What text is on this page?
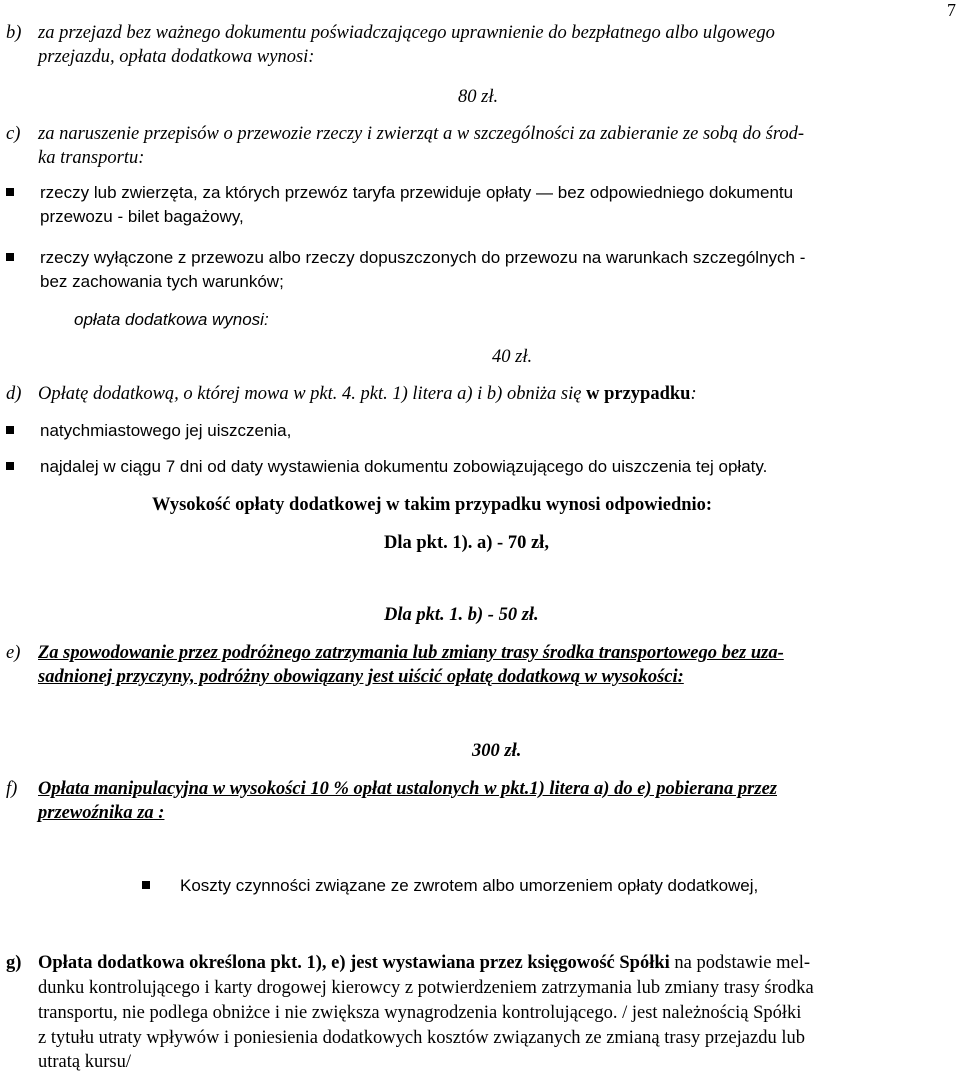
7
b) za przejazd bez ważnego dokumentu poświadczającego uprawnienie do bezpłatnego albo ulgowego
przejazdu, opłata dodatkowa wynosi:
80 zł.
c) za naruszenie przepisów o przewozie rzeczy i zwierząt a w szczególności za zabieranie ze sobą do środ-
ka transportu:
rzeczy lub zwierzęta, za których przewóz taryfa przewiduje opłaty — bez odpowiedniego dokumentu
przewozu - bilet bagażowy,
rzeczy wyłączone z przewozu albo rzeczy dopuszczonych do przewozu na warunkach szczególnych -
bez zachowania tych warunków;
opłata dodatkowa wynosi:
40 zł.
d) Opłatę dodatkową, o której mowa w pkt. 4. pkt. 1) litera a) i b) obniża się w przypadku:
natychmiastowego jej uiszczenia,
najdalej w ciągu 7 dni od daty wystawienia dokumentu zobowiązującego do uiszczenia tej opłaty.
Wysokość opłaty dodatkowej w takim przypadku wynosi odpowiednio:
Dla pkt. 1). a) - 70 zł,
Dla pkt. 1. b) - 50 zł.
e) Za spowodowanie przez podróżnego zatrzymania lub zmiany trasy środka transportowego bez uza-
sadnionej przyczyny, podróżny obowiązany jest uiścić opłatę dodatkową w wysokości:
300 zł.
f) Opłata manipulacyjna w wysokości 10 % opłat ustalonych w pkt.1) litera a) do e) pobierana przez
przewoźnika za :
Koszty czynności związane ze zwrotem albo umorzeniem opłaty dodatkowej,
g) Opłata dodatkowa określona pkt. 1), e) jest wystawiana przez księgowość Spółki na podstawie mel-
dunku kontrolującego i karty drogowej kierowcy z potwierdzeniem zatrzymania lub zmiany trasy środka
transportu, nie podlega obniżce i nie zwiększa wynagrodzenia kontrolującego. / jest należnością Spółki
z tytułu utraty wpływów i poniesienia dodatkowych kosztów związanych ze zmianą trasy przejazdu lub
utratą kursu/
